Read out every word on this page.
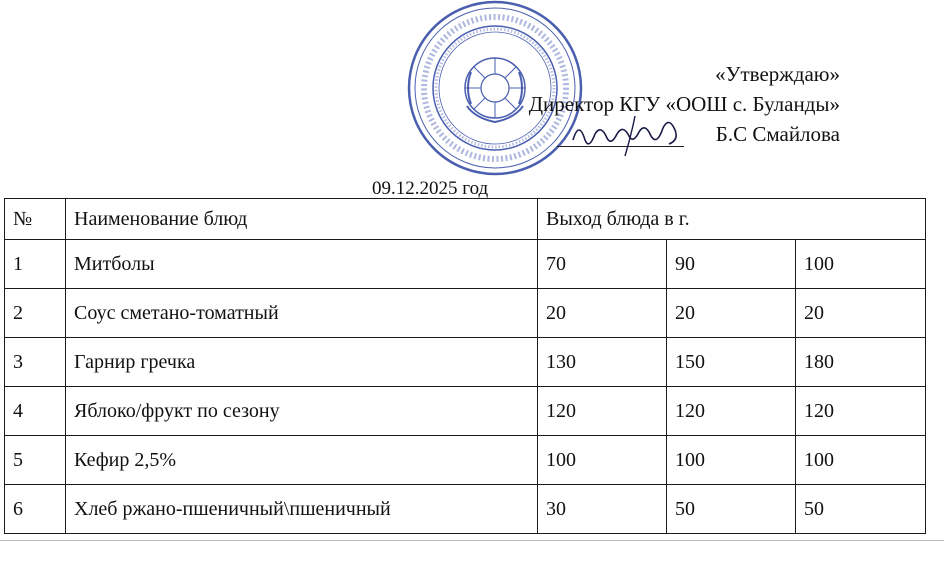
«Утверждаю»
Директор КГУ «ООШ с. Буланды»
Б.С Смайлова
09.12.2025 год
№	Наименование блюд	Выход блюда в г.		
1	Митболы	70	90	100
2	Соус сметано-томатный	20	20	20
3	Гарнир гречка	130	150	180
4	Яблоко/фрукт по сезону	120	120	120
5	Кефир 2,5%	100	100	100
6	Хлеб ржано-пшеничный\пшеничный	30	50	50
